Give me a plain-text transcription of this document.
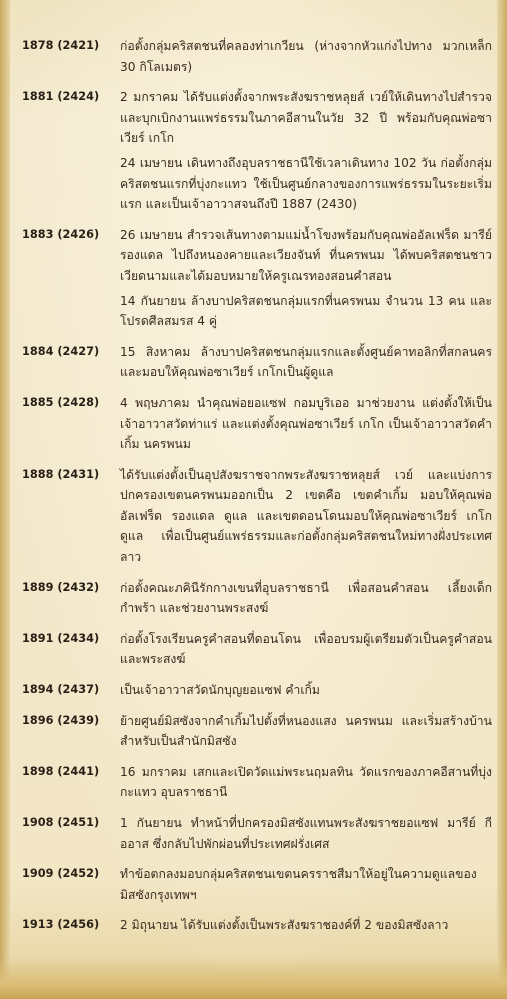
1878 (2421)	ก่อตั้งกลุ่มคริสตชนที่คลองท่าเกวียน (ห่างจากหัวแก่งไปทาง มวกเหล็ก 30 กิโลเมตร)

1881 (2424)	2 มกราคม ได้รับแต่งตั้งจากพระสังฆราชหลุยส์ เวย์ให้เดินทางไปสำรวจและบุกเบิกงานแพร่ธรรมในภาคอีสานในวัย 32 ปี พร้อมกับคุณพ่อซาเวียร์ เกโก

24 เมษายน เดินทางถึงอุบลราชธานีใช้เวลาเดินทาง 102 วัน ก่อตั้งกลุ่มคริสตชนแรกที่บุ่งกะแทว ใช้เป็นศูนย์กลางของการแพร่ธรรมในระยะเริ่มแรก และเป็นเจ้าอาวาสจนถึงปี 1887 (2430)

1883 (2426)	26 เมษายน สำรวจเส้นทางตามแม่น้ำโขงพร้อมกับคุณพ่ออัลเฟร็ด มารีย์ รองแดล ไปถึงหนองคายและเวียงจันท์ ที่นครพนม ได้พบคริสตชนชาวเวียดนามและได้มอบหมายให้ครูเณรทองสอนคำสอน

14 กันยายน ล้างบาปคริสตชนกลุ่มแรกที่นครพนม จำนวน 13 คน และโปรดศีลสมรส 4 คู่

1884 (2427)	15 สิงหาคม ล้างบาปคริสตชนกลุ่มแรกและตั้งศูนย์คาทอลิกที่สกลนคร และมอบให้คุณพ่อซาเวียร์ เกโกเป็นผู้ดูแล

1885 (2428)	4 พฤษภาคม นำคุณพ่อยอแซฟ กอมบูริเออ มาช่วยงาน แต่งตั้งให้เป็นเจ้าอาวาสวัดท่าแร่ และแต่งตั้งคุณพ่อซาเวียร์ เกโก เป็นเจ้าอาวาสวัดคำเกิ้ม นครพนม

1888 (2431)	ได้รับแต่งตั้งเป็นอุปสังฆราชจากพระสังฆราชหลุยส์ เวย์ และแบ่งการปกครองเขตนครพนมออกเป็น 2 เขตคือ เขตคำเกิ้ม มอบให้คุณพ่ออัลเฟร็ด รองแดล ดูแล และเขตดอนโดนมอบให้คุณพ่อซาเวียร์ เกโก ดูแล เพื่อเป็นศูนย์แพร่ธรรมและก่อตั้งกลุ่มคริสตชนใหม่ทางฝั่งประเทศลาว

1889 (2432)	ก่อตั้งคณะภคินีรักกางเขนที่อุบลราชธานี เพื่อสอนคำสอน เลี้ยงเด็กกำพร้า และช่วยงานพระสงฆ์

1891 (2434)	ก่อตั้งโรงเรียนครูคำสอนที่ดอนโดน เพื่ออบรมผู้เตรียมตัวเป็นครูคำสอนและพระสงฆ์

1894 (2437)	เป็นเจ้าอาวาสวัดนักบุญยอแซฟ คำเกิ้ม

1896 (2439)	ย้ายศูนย์มิสซังจากคำเกิ้มไปตั้งที่หนองแสง นครพนม และเริ่มสร้างบ้านสำหรับเป็นสำนักมิสซัง

1898 (2441)	16 มกราคม เสกและเปิดวัดแม่พระนฤมลทิน วัดแรกของภาคอีสานที่บุ่งกะแทว อุบลราชธานี

1908 (2451)	1 กันยายน ทำหน้าที่ปกครองมิสซังแทนพระสังฆราชยอแซฟ มารีย์ กีออาส ซึ่งกลับไปพักผ่อนที่ประเทศฝรั่งเศส

1909 (2452)	ทำข้อตกลงมอบกลุ่มคริสตชนเขตนครราชสีมาให้อยู่ในความดูแลของมิสซังกรุงเทพฯ

1913 (2456)	2 มิถุนายน ได้รับแต่งตั้งเป็นพระสังฆราชองค์ที่ 2 ของมิสซังลาว
